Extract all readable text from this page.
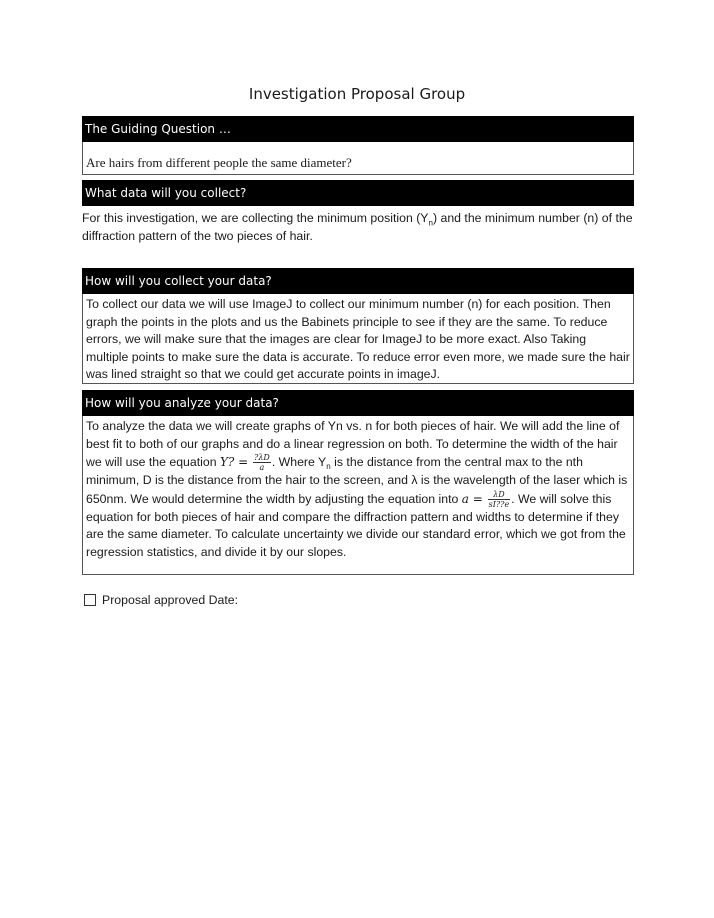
Investigation Proposal Group
The Guiding Question …
Are hairs from different people the same diameter?
What data will you collect?
For this investigation, we are collecting the minimum position $(Y_n)$ and the minimum number (n) of the diffraction pattern of the two pieces of hair.
How will you collect your data?
To collect our data we will use ImageJ to collect our minimum number (n) for each position. Then graph the points in the plots and us the Babinets principle to see if they are the same. To reduce errors, we will make sure that the images are clear for ImageJ to be more exact. Also Taking multiple points to make sure the data is accurate. To reduce error even more, we made sure the hair was lined straight so that we could get accurate points in imageJ.
How will you analyze your data?
To analyze the data we will create graphs of Yn vs. n for both pieces of hair. We will add the line of best fit to both of our graphs and do a linear regression on both. To determine the width of the hair we will use the equation Y? = $\frac{?\lambda D}{a}$ . Where $Y_n$ is the distance from the central max to the nth minimum, D is the distance from the hair to the screen, and λ is the wavelength of the laser which is 650nm. We would determine the width by adjusting the equation into $a = \frac{\lambda D}{sI??e}$ . We will solve this equation for both pieces of hair and compare the diffraction pattern and widths to determine if they are the same diameter. To calculate uncertainty we divide our standard error, which we got from the regression statistics, and divide it by our slopes.
Proposal approved Date:
